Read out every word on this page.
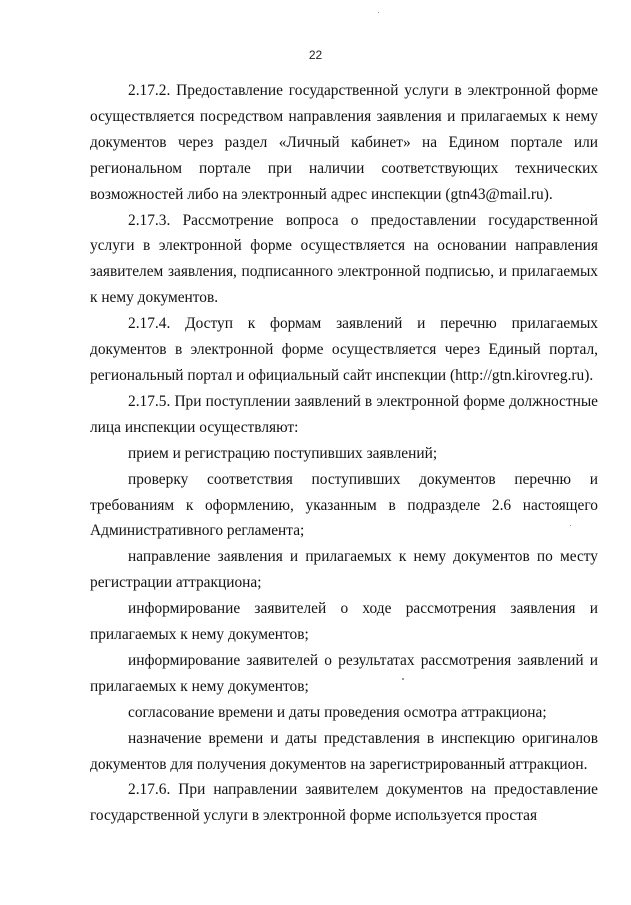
22

2.17.2. Предоставление государственной услуги в электронной форме осуществляется посредством направления заявления и прилагаемых к нему документов через раздел «Личный кабинет» на Едином портале или региональном портале при наличии соответствующих технических возможностей либо на электронный адрес инспекции (gtn43@mail.ru).

2.17.3. Рассмотрение вопроса о предоставлении государственной услуги в электронной форме осуществляется на основании направления заявителем заявления, подписанного электронной подписью, и прилагаемых к нему документов.

2.17.4. Доступ к формам заявлений и перечню прилагаемых документов в электронной форме осуществляется через Единый портал, региональный портал и официальный сайт инспекции (http://gtn.kirovreg.ru).

2.17.5. При поступлении заявлений в электронной форме должностные лица инспекции осуществляют:

прием и регистрацию поступивших заявлений;

проверку соответствия поступивших документов перечню и требованиям к оформлению, указанным в подразделе 2.6 настоящего Административного регламента;

направление заявления и прилагаемых к нему документов по месту регистрации аттракциона;

информирование заявителей о ходе рассмотрения заявления и прилагаемых к нему документов;

информирование заявителей о результатах рассмотрения заявлений и прилагаемых к нему документов;

согласование времени и даты проведения осмотра аттракциона;

назначение времени и даты представления в инспекцию оригиналов документов для получения документов на зарегистрированный аттракцион.

2.17.6. При направлении заявителем документов на предоставление государственной услуги в электронной форме используется простая
